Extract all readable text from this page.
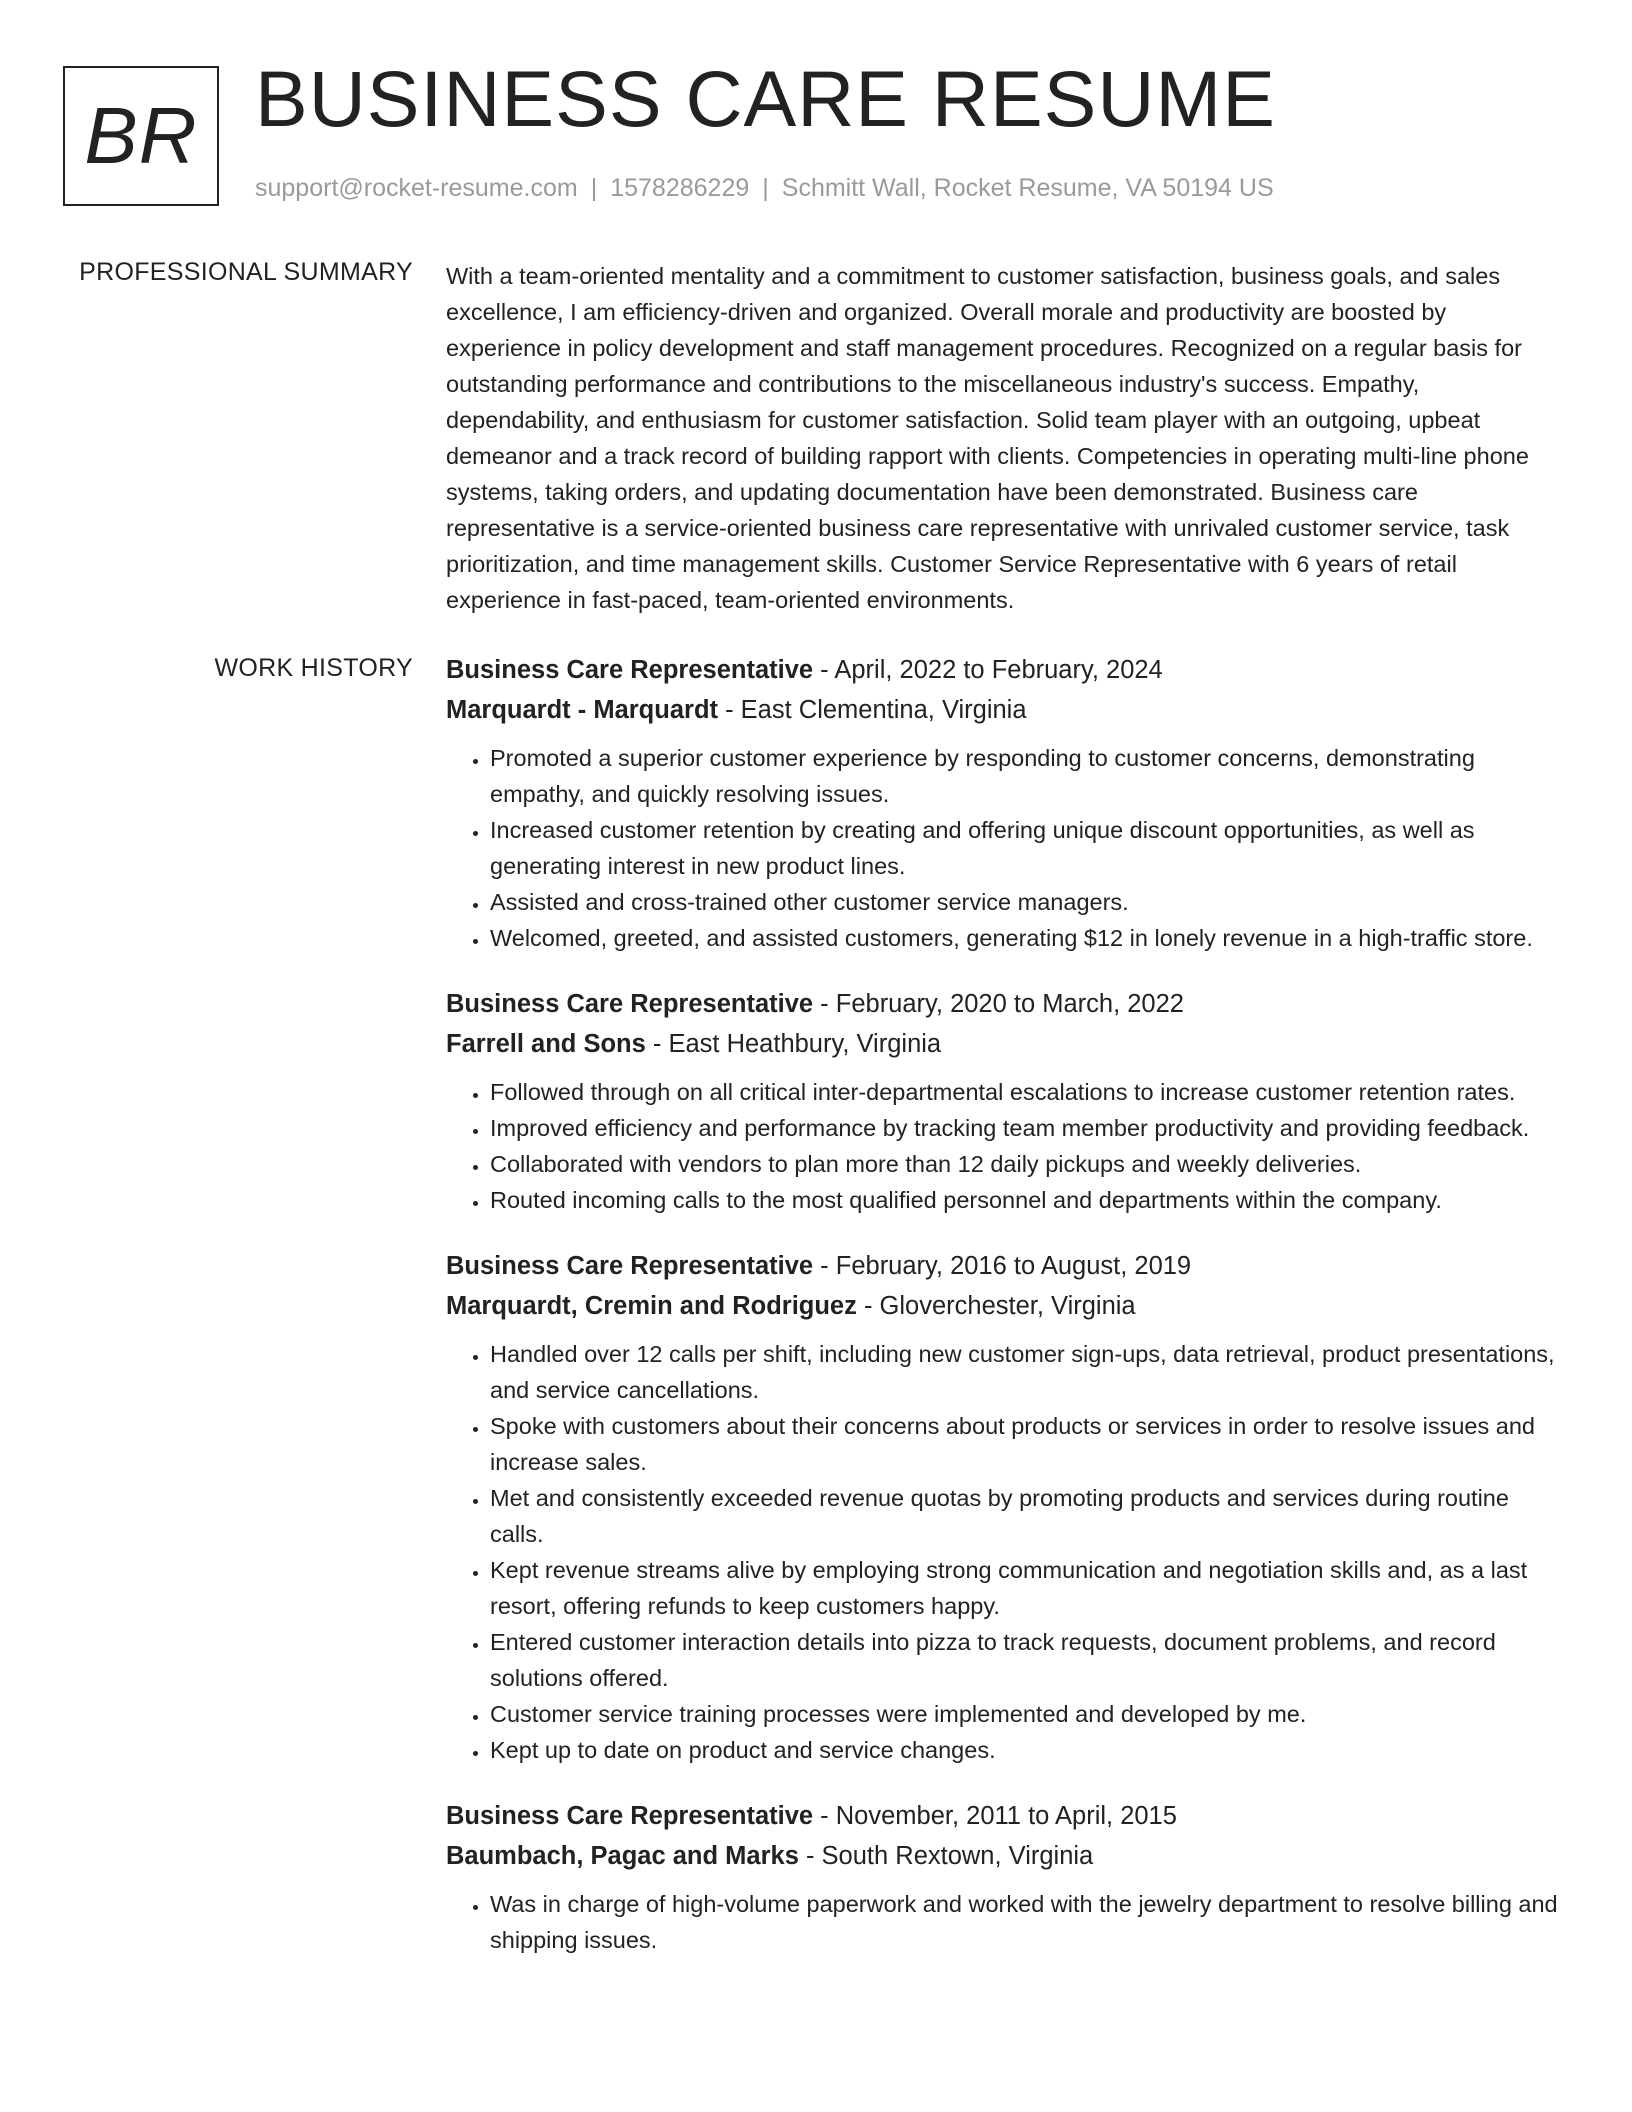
BR BUSINESS CARE RESUME
support@rocket-resume.com | 1578286229 | Schmitt Wall, Rocket Resume, VA 50194 US
PROFESSIONAL SUMMARY With a team-oriented mentality and a commitment to customer satisfaction, business goals, and sales excellence, I am efficiency-driven and organized. Overall morale and productivity are boosted by experience in policy development and staff management procedures. Recognized on a regular basis for outstanding performance and contributions to the miscellaneous industry's success. Empathy, dependability, and enthusiasm for customer satisfaction. Solid team player with an outgoing, upbeat demeanor and a track record of building rapport with clients. Competencies in operating multi-line phone systems, taking orders, and updating documentation have been demonstrated. Business care representative is a service-oriented business care representative with unrivaled customer service, task prioritization, and time management skills. Customer Service Representative with 6 years of retail experience in fast-paced, team-oriented environments.

WORK HISTORY Business Care Representative - April, 2022 to February, 2024

Marquardt - Marquardt - East Clementina, Virginia

• Promoted a superior customer experience by responding to customer concerns, demonstrating empathy, and quickly resolving issues.
• Increased customer retention by creating and offering unique discount opportunities, as well as generating interest in new product lines.
• Assisted and cross-trained other customer service managers.
• Welcomed, greeted, and assisted customers, generating $12 in lonely revenue in a high-traffic store.

Business Care Representative - February, 2020 to March, 2022

Farrell and Sons - East Heathbury, Virginia

• Followed through on all critical inter-departmental escalations to increase customer retention rates.
• Improved efficiency and performance by tracking team member productivity and providing feedback.
• Collaborated with vendors to plan more than 12 daily pickups and weekly deliveries.
• Routed incoming calls to the most qualified personnel and departments within the company.

Business Care Representative - February, 2016 to August, 2019

Marquardt, Cremin and Rodriguez - Gloverchester, Virginia

• Handled over 12 calls per shift, including new customer sign-ups, data retrieval, product presentations, and service cancellations.
• Spoke with customers about their concerns about products or services in order to resolve issues and increase sales.
• Met and consistently exceeded revenue quotas by promoting products and services during routine calls.
• Kept revenue streams alive by employing strong communication and negotiation skills and, as a last resort, offering refunds to keep customers happy.
• Entered customer interaction details into pizza to track requests, document problems, and record solutions offered.
• Customer service training processes were implemented and developed by me.
• Kept up to date on product and service changes.

Business Care Representative - November, 2011 to April, 2015

Baumbach, Pagac and Marks - South Rextown, Virginia

• Was in charge of high-volume paperwork and worked with the jewelry department to resolve billing and shipping issues.
